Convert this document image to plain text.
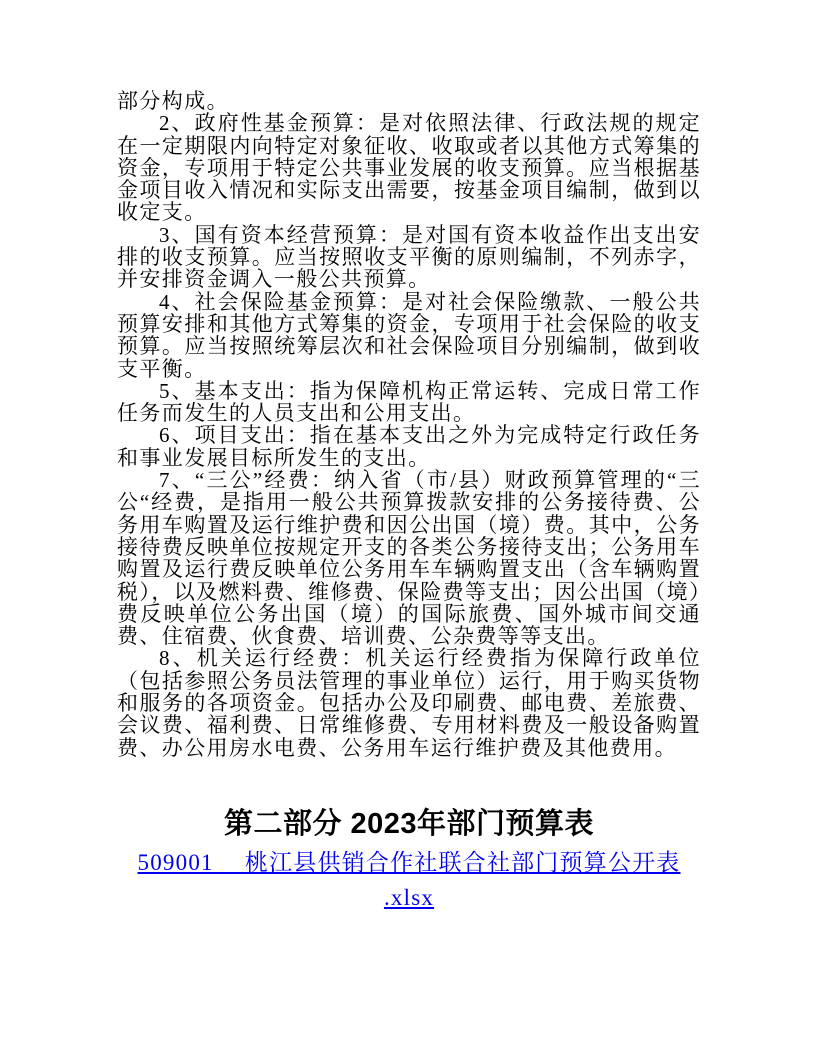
部分构成。

2、政府性基金预算：是对依照法律、行政法规的规定在一定期限内向特定对象征收、收取或者以其他方式筹集的资金，专项用于特定公共事业发展的收支预算。应当根据基金项目收入情况和实际支出需要，按基金项目编制，做到以收定支。

3、国有资本经营预算：是对国有资本收益作出支出安排的收支预算。应当按照收支平衡的原则编制，不列赤字，并安排资金调入一般公共预算。

4、社会保险基金预算：是对社会保险缴款、一般公共预算安排和其他方式筹集的资金，专项用于社会保险的收支预算。应当按照统筹层次和社会保险项目分别编制，做到收支平衡。

5、基本支出：指为保障机构正常运转、完成日常工作任务而发生的人员支出和公用支出。

6、项目支出：指在基本支出之外为完成特定行政任务和事业发展目标所发生的支出。

7、“三公”经费：纳入省（市/县）财政预算管理的“三公“经费，是指用一般公共预算拨款安排的公务接待费、公务用车购置及运行维护费和因公出国（境）费。其中，公务接待费反映单位按规定开支的各类公务接待支出；公务用车购置及运行费反映单位公务用车车辆购置支出（含车辆购置税），以及燃料费、维修费、保险费等支出；因公出国（境）费反映单位公务出国（境）的国际旅费、国外城市间交通费、住宿费、伙食费、培训费、公杂费等等支出。

8、机关运行经费：机关运行经费指为保障行政单位（包括参照公务员法管理的事业单位）运行，用于购买货物和服务的各项资金。包括办公及印刷费、邮电费、差旅费、会议费、福利费、日常维修费、专用材料费及一般设备购置费、办公用房水电费、公务用车运行维护费及其他费用。

第二部分 2023年部门预算表

509001 　桃江县供销合作社联合社部门预算公开表
.xlsx
